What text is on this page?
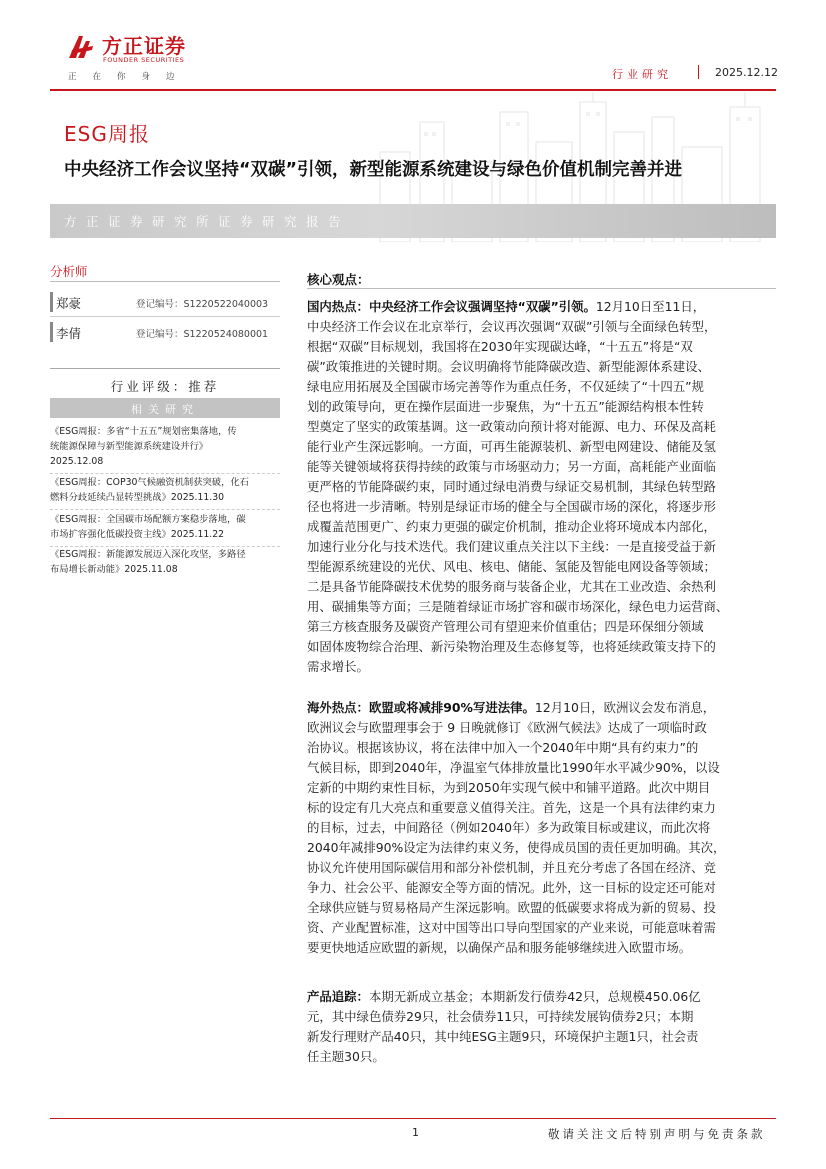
方正证券
FOUNDER SECURITIES
正在你身边	行业研究	2025.12.12
ESG周报
中央经济工作会议坚持“双碳”引领，新型能源系统建设与绿色价值机制完善并进
方正证券研究所证券研究报告
分析师
郑豪	登记编号：S1220522040003
李倩	登记编号：S1220524080001
行业评级：推荐
相关研究
《ESG周报：多省“十五五”规划密集落地，传
统能源保障与新型能源系统建设并行》
2025.12.08
《ESG周报：COP30气候融资机制获突破，化石
燃料分歧延续凸显转型挑战》2025.11.30
《ESG周报：全国碳市场配额方案稳步落地，碳
市场扩容强化低碳投资主线》2025.11.22
《ESG周报：新能源发展迈入深化攻坚，多路径
布局增长新动能》2025.11.08
核心观点：
国内热点：中央经济工作会议强调坚持“双碳”引领。12月10日至11日，
中央经济工作会议在北京举行，会议再次强调“双碳”引领与全面绿色转型，
根据“双碳”目标规划，我国将在2030年实现碳达峰，“十五五”将是“双
碳”政策推进的关键时期。会议明确将节能降碳改造、新型能源体系建设、
绿电应用拓展及全国碳市场完善等作为重点任务，不仅延续了“十四五”规
划的政策导向，更在操作层面进一步聚焦，为“十五五”能源结构根本性转
型奠定了坚实的政策基调。这一政策动向预计将对能源、电力、环保及高耗
能行业产生深远影响。一方面，可再生能源装机、新型电网建设、储能及氢
能等关键领域将获得持续的政策与市场驱动力；另一方面，高耗能产业面临
更严格的节能降碳约束，同时通过绿电消费与绿证交易机制，其绿色转型路
径也将进一步清晰。特别是绿证市场的健全与全国碳市场的深化，将逐步形
成覆盖范围更广、约束力更强的碳定价机制，推动企业将环境成本内部化，
加速行业分化与技术迭代。我们建议重点关注以下主线：一是直接受益于新
型能源系统建设的光伏、风电、核电、储能、氢能及智能电网设备等领域；
二是具备节能降碳技术优势的服务商与装备企业，尤其在工业改造、余热利
用、碳捕集等方面；三是随着绿证市场扩容和碳市场深化，绿色电力运营商、
第三方核查服务及碳资产管理公司有望迎来价值重估；四是环保细分领域
如固体废物综合治理、新污染物治理及生态修复等，也将延续政策支持下的
需求增长。
海外热点：欧盟或将减排90%写进法律。12月10日，欧洲议会发布消息，
欧洲议会与欧盟理事会于 9 日晚就修订《欧洲气候法》达成了一项临时政
治协议。根据该协议，将在法律中加入一个2040年中期“具有约束力”的
气候目标，即到2040年，净温室气体排放量比1990年水平减少90%，以设
定新的中期约束性目标，为到2050年实现气候中和铺平道路。此次中期目
标的设定有几大亮点和重要意义值得关注。首先，这是一个具有法律约束力
的目标，过去，中间路径（例如2040年）多为政策目标或建议，而此次将
2040年减排90%设定为法律约束义务，使得成员国的责任更加明确。其次，
协议允许使用国际碳信用和部分补偿机制，并且充分考虑了各国在经济、竞
争力、社会公平、能源安全等方面的情况。此外，这一目标的设定还可能对
全球供应链与贸易格局产生深远影响。欧盟的低碳要求将成为新的贸易、投
资、产业配置标准，这对中国等出口导向型国家的产业来说，可能意味着需
要更快地适应欧盟的新规，以确保产品和服务能够继续进入欧盟市场。
产品追踪：本期无新成立基金；本期新发行债券42只，总规模450.06亿
元，其中绿色债券29只，社会债券11只，可持续发展钩债券2只；本期
新发行理财产品40只，其中纯ESG主题9只，环境保护主题1只，社会责
任主题30只。
1	敬请关注文后特别声明与免责条款
